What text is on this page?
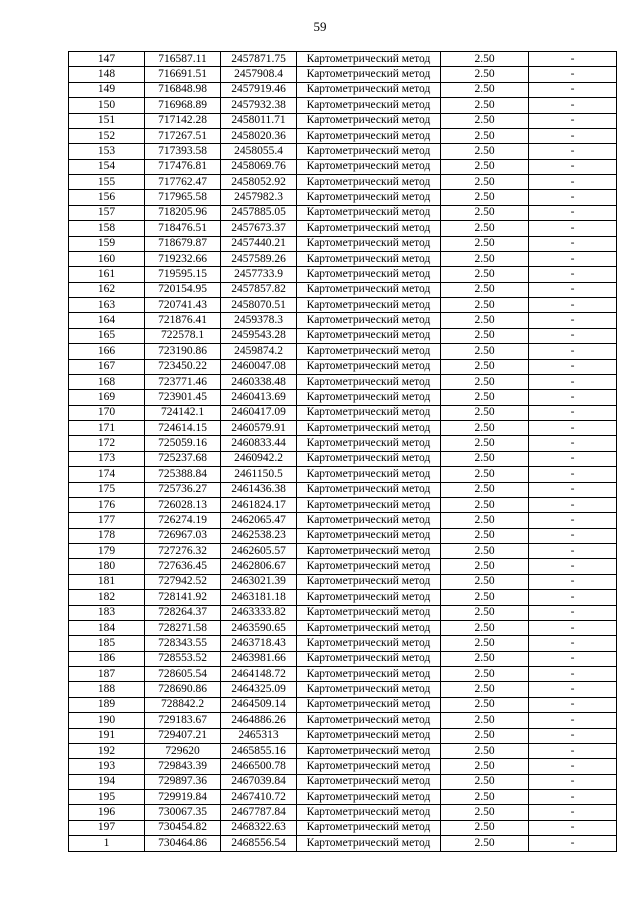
59
147	716587.11	2457871.75	Картометрический метод	2.50	-
148	716691.51	2457908.4	Картометрический метод	2.50	-
149	716848.98	2457919.46	Картометрический метод	2.50	-
150	716968.89	2457932.38	Картометрический метод	2.50	-
151	717142.28	2458011.71	Картометрический метод	2.50	-
152	717267.51	2458020.36	Картометрический метод	2.50	-
153	717393.58	2458055.4	Картометрический метод	2.50	-
154	717476.81	2458069.76	Картометрический метод	2.50	-
155	717762.47	2458052.92	Картометрический метод	2.50	-
156	717965.58	2457982.3	Картометрический метод	2.50	-
157	718205.96	2457885.05	Картометрический метод	2.50	-
158	718476.51	2457673.37	Картометрический метод	2.50	-
159	718679.87	2457440.21	Картометрический метод	2.50	-
160	719232.66	2457589.26	Картометрический метод	2.50	-
161	719595.15	2457733.9	Картометрический метод	2.50	-
162	720154.95	2457857.82	Картометрический метод	2.50	-
163	720741.43	2458070.51	Картометрический метод	2.50	-
164	721876.41	2459378.3	Картометрический метод	2.50	-
165	722578.1	2459543.28	Картометрический метод	2.50	-
166	723190.86	2459874.2	Картометрический метод	2.50	-
167	723450.22	2460047.08	Картометрический метод	2.50	-
168	723771.46	2460338.48	Картометрический метод	2.50	-
169	723901.45	2460413.69	Картометрический метод	2.50	-
170	724142.1	2460417.09	Картометрический метод	2.50	-
171	724614.15	2460579.91	Картометрический метод	2.50	-
172	725059.16	2460833.44	Картометрический метод	2.50	-
173	725237.68	2460942.2	Картометрический метод	2.50	-
174	725388.84	2461150.5	Картометрический метод	2.50	-
175	725736.27	2461436.38	Картометрический метод	2.50	-
176	726028.13	2461824.17	Картометрический метод	2.50	-
177	726274.19	2462065.47	Картометрический метод	2.50	-
178	726967.03	2462538.23	Картометрический метод	2.50	-
179	727276.32	2462605.57	Картометрический метод	2.50	-
180	727636.45	2462806.67	Картометрический метод	2.50	-
181	727942.52	2463021.39	Картометрический метод	2.50	-
182	728141.92	2463181.18	Картометрический метод	2.50	-
183	728264.37	2463333.82	Картометрический метод	2.50	-
184	728271.58	2463590.65	Картометрический метод	2.50	-
185	728343.55	2463718.43	Картометрический метод	2.50	-
186	728553.52	2463981.66	Картометрический метод	2.50	-
187	728605.54	2464148.72	Картометрический метод	2.50	-
188	728690.86	2464325.09	Картометрический метод	2.50	-
189	728842.2	2464509.14	Картометрический метод	2.50	-
190	729183.67	2464886.26	Картометрический метод	2.50	-
191	729407.21	2465313	Картометрический метод	2.50	-
192	729620	2465855.16	Картометрический метод	2.50	-
193	729843.39	2466500.78	Картометрический метод	2.50	-
194	729897.36	2467039.84	Картометрический метод	2.50	-
195	729919.84	2467410.72	Картометрический метод	2.50	-
196	730067.35	2467787.84	Картометрический метод	2.50	-
197	730454.82	2468322.63	Картометрический метод	2.50	-
1	730464.86	2468556.54	Картометрический метод	2.50	-
